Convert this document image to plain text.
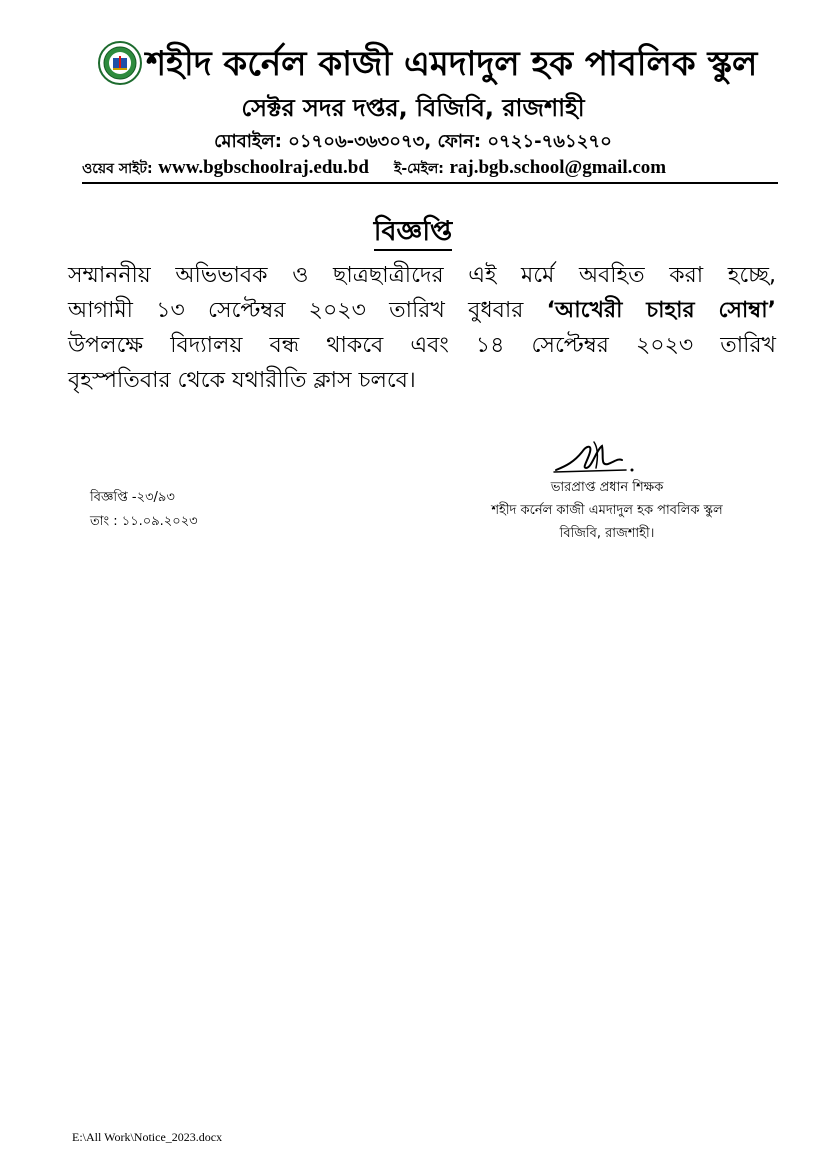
শহীদ কর্নেল কাজী এমদাদুল হক পাবলিক স্কুল
সেক্টর সদর দপ্তর, বিজিবি, রাজশাহী
মোবাইল: ০১৭০৬-৩৬৩০৭৩, ফোন: ০৭২১-৭৬১২৭০
ওয়েব সাইট: www.bgbschoolraj.edu.bd ই-মেইল: raj.bgb.school@gmail.com
বিজ্ঞপ্তি
সম্মাননীয় অভিভাবক ও ছাত্রছাত্রীদের এই মর্মে অবহিত করা হচ্ছে,
আগামী ১৩ সেপ্টেম্বর ২০২৩ তারিখ বুধবার ‘আখেরী চাহার সোম্বা’
উপলক্ষে বিদ্যালয় বন্ধ থাকবে এবং ১৪ সেপ্টেম্বর ২০২৩ তারিখ
বৃহস্পতিবার থেকে যথারীতি ক্লাস চলবে।
বিজ্ঞপ্তি -২৩/৯৩
তাং : ১১.০৯.২০২৩
ভারপ্রাপ্ত প্রধান শিক্ষক
শহীদ কর্নেল কাজী এমদাদুল হক পাবলিক স্কুল
বিজিবি, রাজশাহী।
E:\All Work\Notice_2023.docx
